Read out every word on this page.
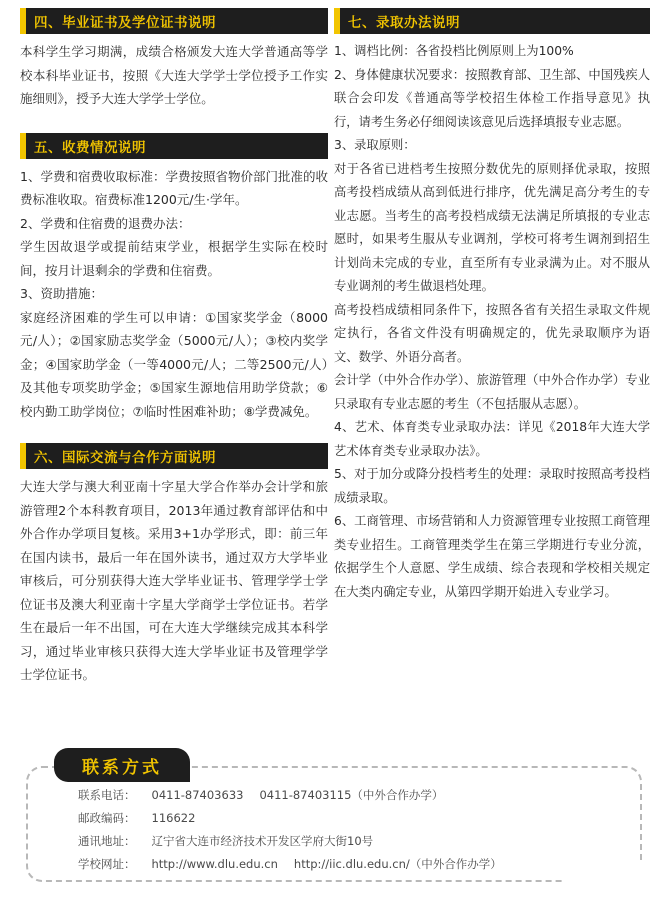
四、毕业证书及学位证书说明

本科学生学习期满，成绩合格颁发大连大学普通高等学校本科毕业证书，按照《大连大学学士学位授予工作实施细则》，授予大连大学学士学位。

五、收费情况说明

1、学费和宿费收取标准：学费按照省物价部门批准的收费标准收取。宿费标准1200元/生·学年。

2、学费和住宿费的退费办法：

学生因故退学或提前结束学业，根据学生实际在校时间，按月计退剩余的学费和住宿费。

3、资助措施：

家庭经济困难的学生可以申请：①国家奖学金（8000元/人）；②国家励志奖学金（5000元/人）；③校内奖学金；④国家助学金（一等4000元/人；二等2500元/人）及其他专项奖助学金；⑤国家生源地信用助学贷款；⑥校内勤工助学岗位；⑦临时性困难补助；⑧学费减免。

六、国际交流与合作方面说明

大连大学与澳大利亚南十字星大学合作举办会计学和旅游管理2个本科教育项目，2013年通过教育部评估和中外合作办学项目复核。采用3+1办学形式，即：前三年在国内读书，最后一年在国外读书，通过双方大学毕业审核后，可分别获得大连大学毕业证书、管理学学士学位证书及澳大利亚南十字星大学商学士学位证书。若学生在最后一年不出国，可在大连大学继续完成其本科学习，通过毕业审核只获得大连大学毕业证书及管理学学士学位证书。

七、录取办法说明

1、调档比例：各省投档比例原则上为100%

2、身体健康状况要求：按照教育部、卫生部、中国残疾人联合会印发《普通高等学校招生体检工作指导意见》执行，请考生务必仔细阅读该意见后选择填报专业志愿。

3、录取原则：

对于各省已进档考生按照分数优先的原则择优录取，按照高考投档成绩从高到低进行排序，优先满足高分考生的专业志愿。当考生的高考投档成绩无法满足所填报的专业志愿时，如果考生服从专业调剂，学校可将考生调剂到招生计划尚未完成的专业，直至所有专业录满为止。对不服从专业调剂的考生做退档处理。

高考投档成绩相同条件下，按照各省有关招生录取文件规定执行，各省文件没有明确规定的，优先录取顺序为语文、数学、外语分高者。

会计学（中外合作办学）、旅游管理（中外合作办学）专业只录取有专业志愿的考生（不包括服从志愿）。

4、艺术、体育类专业录取办法：详见《2018年大连大学艺术体育类专业录取办法》。

5、对于加分或降分投档考生的处理：录取时按照高考投档成绩录取。

6、工商管理、市场营销和人力资源管理专业按照工商管理类专业招生。工商管理类学生在第三学期进行专业分流，依据学生个人意愿、学生成绩、综合表现和学校相关规定在大类内确定专业，从第四学期开始进入专业学习。

联系方式
联系电话： 0411-87403633 0411-87403115（中外合作办学）
邮政编码： 116622
通讯地址： 辽宁省大连市经济技术开发区学府大街10号
学校网址： http://www.dlu.edu.cn http://iic.dlu.edu.cn/（中外合作办学）
